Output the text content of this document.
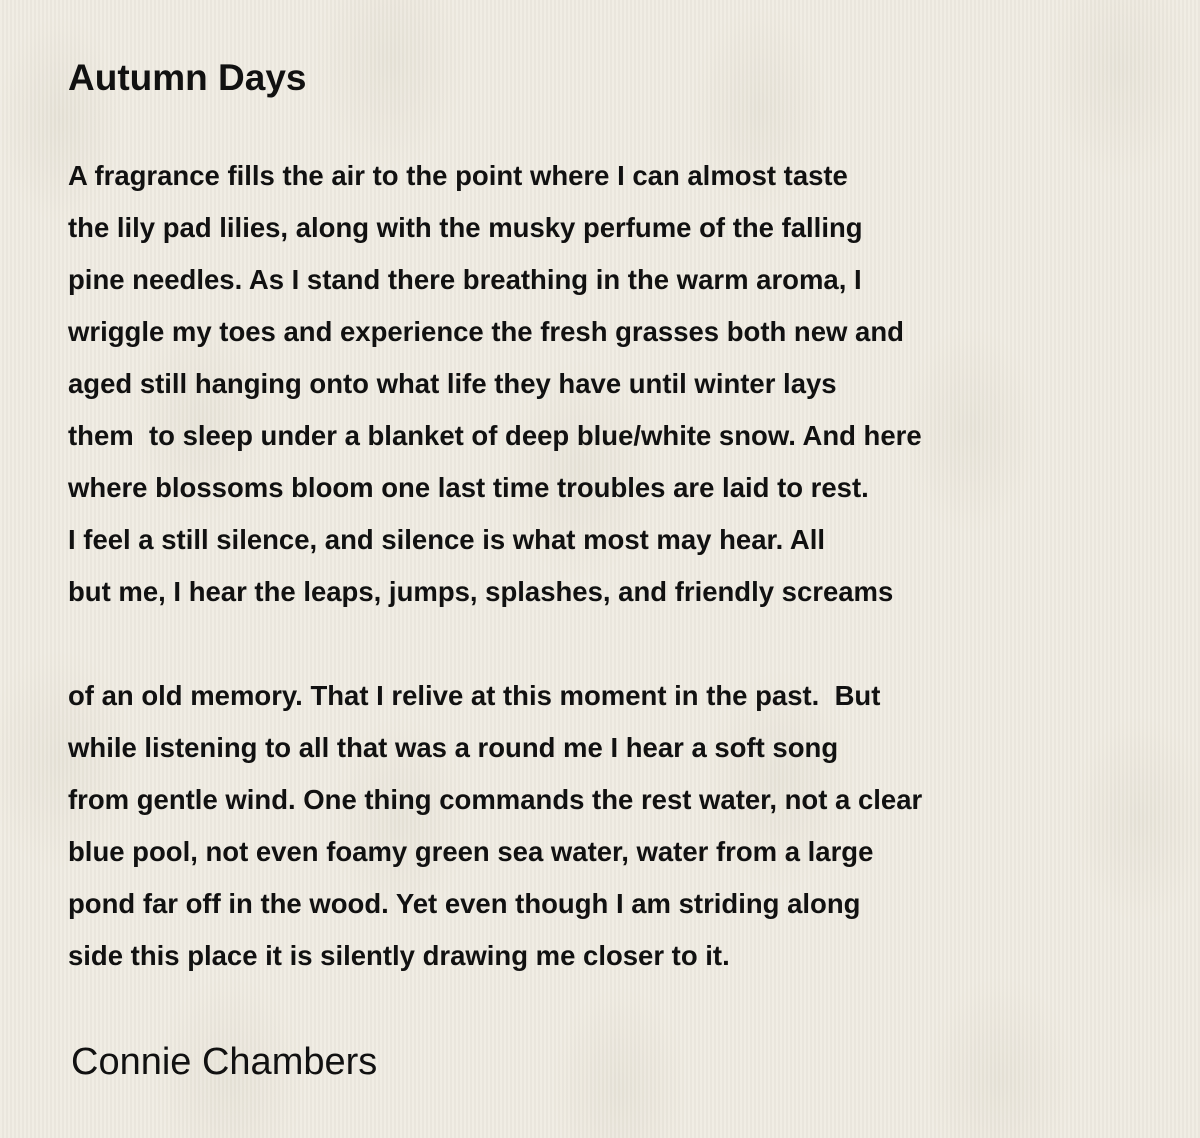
Autumn Days
A fragrance fills the air to the point where I can almost taste
the lily pad lilies, along with the musky perfume of the falling
pine needles. As I stand there breathing in the warm aroma, I
wriggle my toes and experience the fresh grasses both new and
aged still hanging onto what life they have until winter lays
them  to sleep under a blanket of deep blue/white snow. And here
where blossoms bloom one last time troubles are laid to rest.
I feel a still silence, and silence is what most may hear. All
but me, I hear the leaps, jumps, splashes, and friendly screams
of an old memory. That I relive at this moment in the past.  But
while listening to all that was a round me I hear a soft song
from gentle wind. One thing commands the rest water, not a clear
blue pool, not even foamy green sea water, water from a large
pond far off in the wood. Yet even though I am striding along
side this place it is silently drawing me closer to it.
Connie Chambers
